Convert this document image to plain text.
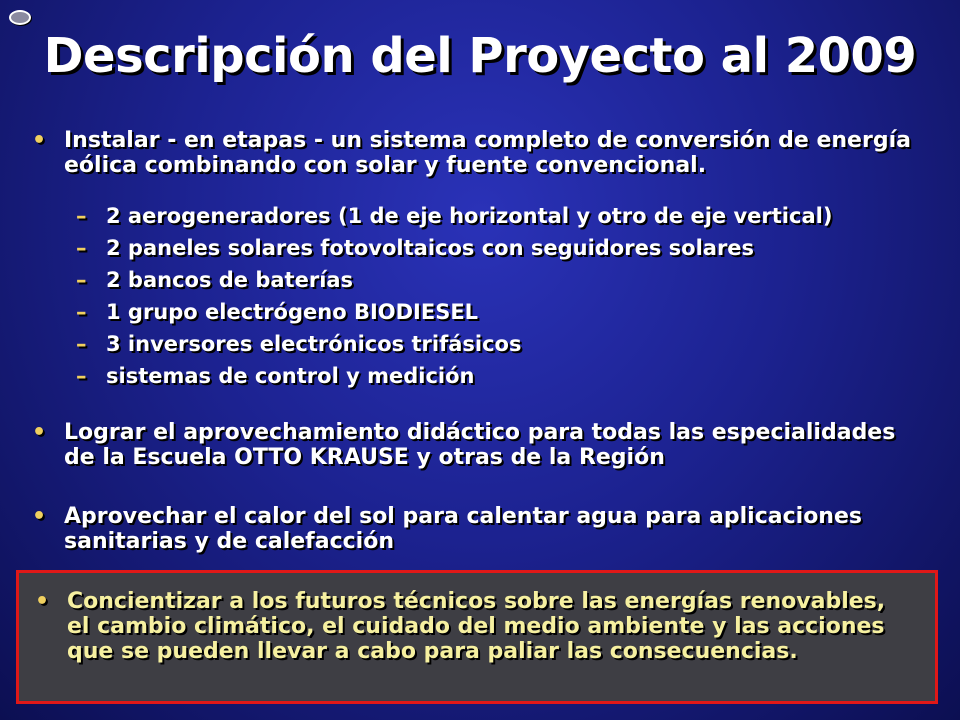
Descripción del Proyecto al 2009
• Instalar - en etapas - un sistema completo de conversión de energía eólica combinando con solar y fuente convencional.
– 2 aerogeneradores (1 de eje horizontal y otro de eje vertical)
– 2 paneles solares fotovoltaicos con seguidores solares
– 2 bancos de baterías
– 1 grupo electrógeno BIODIESEL
– 3 inversores electrónicos trifásicos
– sistemas de control y medición
• Lograr el aprovechamiento didáctico para todas las especialidades de la Escuela OTTO KRAUSE y otras de la Región
• Aprovechar el calor del sol para calentar agua para aplicaciones sanitarias y de calefacción
• Concientizar a los futuros técnicos sobre las energías renovables, el cambio climático, el cuidado del medio ambiente y las acciones que se pueden llevar a cabo para paliar las consecuencias.
